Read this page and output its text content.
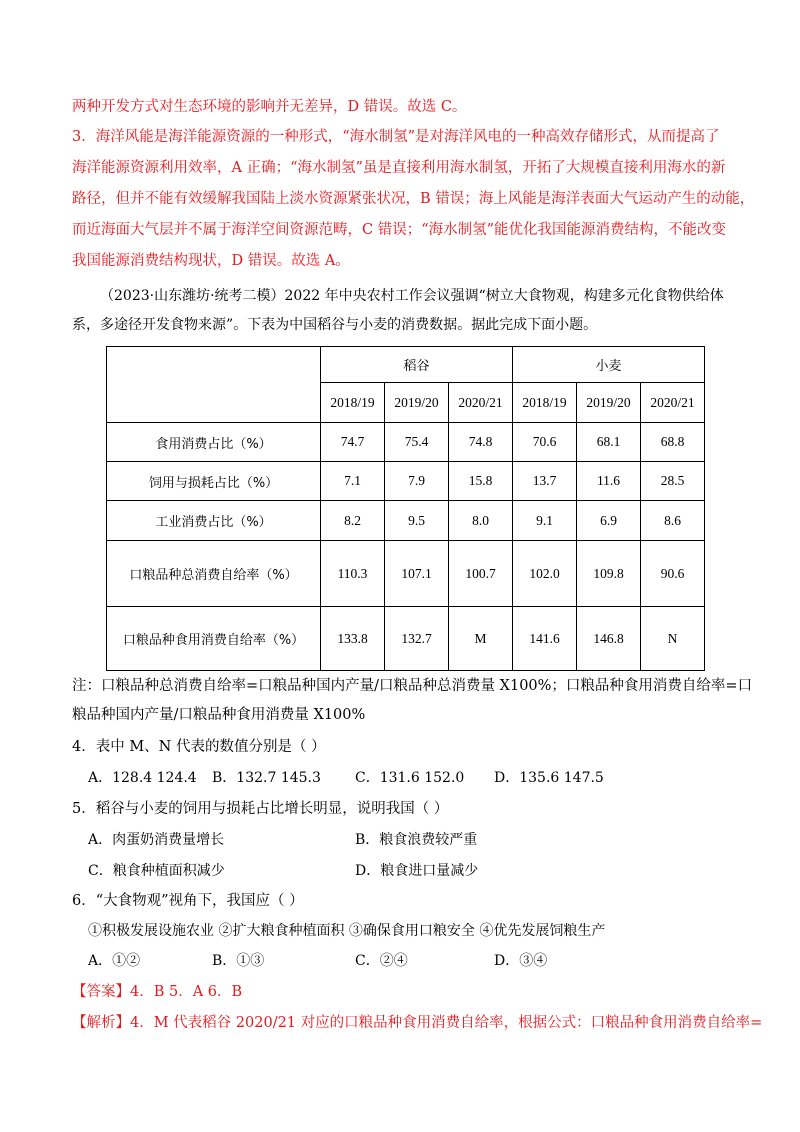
两种开发方式对生态环境的影响并无差异，D 错误。故选 C。
3．海洋风能是海洋能源资源的一种形式，“海水制氢”是对海洋风电的一种高效存储形式，从而提高了
海洋能源资源利用效率，A 正确；“海水制氢”虽是直接利用海水制氢，开拓了大规模直接利用海水的新
路径，但并不能有效缓解我国陆上淡水资源紧张状况，B 错误；海上风能是海洋表面大气运动产生的动能，
而近海面大气层并不属于海洋空间资源范畴，C 错误；“海水制氢”能优化我国能源消费结构，不能改变
我国能源消费结构现状，D 错误。故选 A。
（2023·山东潍坊·统考二模）2022 年中央农村工作会议强调“树立大食物观，构建多元化食物供给体
系，多途径开发食物来源”。下表为中国稻谷与小麦的消费数据。据此完成下面小题。
	稻谷			小麦		
	2018/19	2019/20	2020/21	2018/19	2019/20	2020/21
食用消费占比（%）	74.7	75.4	74.8	70.6	68.1	68.8
饲用与损耗占比（%）	7.1	7.9	15.8	13.7	11.6	28.5
工业消费占比（%）	8.2	9.5	8.0	9.1	6.9	8.6
口粮品种总消费自给率（%）	110.3	107.1	100.7	102.0	109.8	90.6
口粮品种食用消费自给率（%）	133.8	132.7	M	141.6	146.8	N
注：口粮品种总消费自给率=口粮品种国内产量/口粮品种总消费量 X100%；口粮品种食用消费自给率=口
粮品种国内产量/口粮品种食用消费量 X100%
4．表中 M、N 代表的数值分别是（ ）
A．128.4 124.4 B．132.7 145.3 C．131.6 152.0 D．135.6 147.5
5．稻谷与小麦的饲用与损耗占比增长明显，说明我国（ ）
A．肉蛋奶消费量增长	B．粮食浪费较严重
C．粮食种植面积减少	D．粮食进口量减少
6．“大食物观”视角下，我国应（ ）
①积极发展设施农业 ②扩大粮食种植面积 ③确保食用口粮安全 ④优先发展饲粮生产
A．①②	B．①③	C．②④	D．③④
【答案】4．B 5．A 6．B
【解析】4．M 代表稻谷 2020/21 对应的口粮品种食用消费自给率，根据公式：口粮品种食用消费自给率=
